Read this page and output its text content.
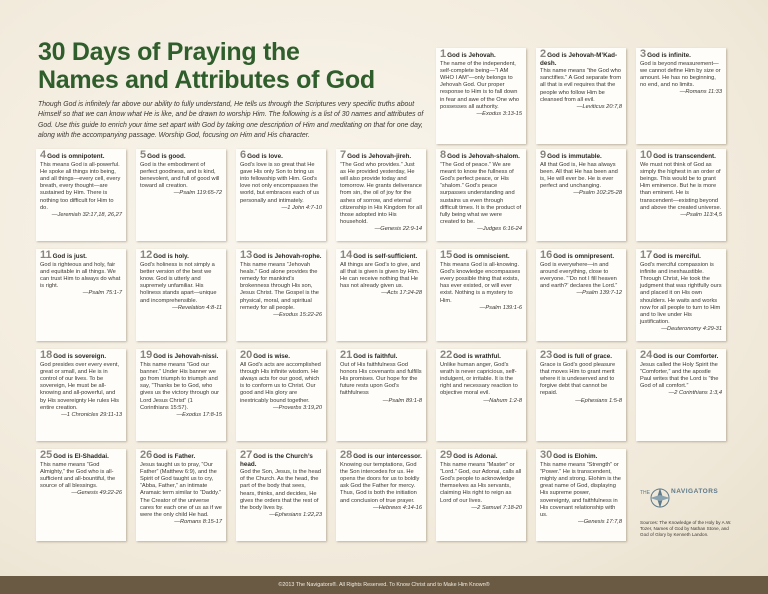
30 Days of Praying the
Names and Attributes of God
Though God is infinitely far above our ability to fully understand, He tells us through the Scriptures very specific truths about Himself so that we can know what He is like, and be drawn to worship Him. The following is a list of 30 names and attributes of God. Use this guide to enrich your time set apart with God by taking one description of Him and meditating on that for one day, along with the accompanying passage. Worship God, focusing on Him and His character.
1God is Jehovah.
The name of the independent, self-complete being—“I AM WHO I AM”—only belongs to Jehovah God. Our proper response to Him is to fall down in fear and awe of the One who possesses all authority.
—Exodus 3:13-15
2God is Jehovah-M’Kad-desh.
This name means “the God who sanctifies.” A God separate from all that is evil requires that the people who follow Him be cleansed from all evil.
—Leviticus 20:7,8
3God is infinite.
God is beyond measurement—we cannot define Him by size or amount. He has no beginning, no end, and no limits.
—Romans 11:33
4God is omnipotent.
This means God is all-powerful. He spoke all things into being, and all things—every cell, every breath, every thought—are sustained by Him. There is nothing too difficult for Him to do.
—Jeremiah 32:17,18, 26,27
5God is good.
God is the embodiment of perfect goodness, and is kind, benevolent, and full of good will toward all creation.
—Psalm 119:65-72
6God is love.
God’s love is so great that He gave His only Son to bring us into fellowship with Him. God’s love not only encompasses the world, but embraces each of us personally and intimately.
—1 John 4:7-10
7God is Jehovah-jireh.
“The God who provides.” Just as He provided yesterday, He will also provide today and tomorrow. He grants deliverance from sin, the oil of joy for the ashes of sorrow, and eternal citizenship in His Kingdom for all those adopted into His household.
—Genesis 22:9-14
8God is Jehovah-shalom.
“The God of peace.” We are meant to know the fullness of God’s perfect peace, or His “shalom.” God’s peace surpasses understanding and sustains us even through difficult times. It is the product of fully being what we were created to be.
—Judges 6:16-24
9God is immutable.
All that God is, He has always been. All that He has been and is, He will ever be. He is ever perfect and unchanging.
—Psalm 102:25-28
10God is transcendent.
We must not think of God as simply the highest in an order of beings. This would be to grant Him eminence. But he is more than eminent. He is transcendent—existing beyond and above the created universe.
—Psalm 113:4,5
11God is just.
God is righteous and holy, fair and equitable in all things. We can trust Him to always do what is right.
—Psalm 75:1-7
12God is holy.
God’s holiness is not simply a better version of the best we know. God is utterly and supremely unfamiliar. His holiness stands apart—unique and incomprehensible.
—Revelation 4:8-11
13God is Jehovah-rophe.
This name means “Jehovah heals.” God alone provides the remedy for mankind’s brokenness through His son, Jesus Christ. The Gospel is the physical, moral, and spiritual remedy for all people.
—Exodus 15:22-26
14God is self-sufficient.
All things are God’s to give, and all that is given is given by Him. He can receive nothing that He has not already given us.
—Acts 17:24-28
15God is omniscient.
This means God is all-knowing. God’s knowledge encompasses every possible thing that exists, has ever existed, or will ever exist. Nothing is a mystery to Him.
—Psalm 139:1-6
16God is omnipresent.
God is everywhere—in and around everything, close to everyone. “‘Do not I fill heaven and earth?’ declares the Lord.”
—Psalm 139:7-12
17God is merciful.
God’s merciful compassion is infinite and inexhaustible. Through Christ, He took the judgment that was rightfully ours and placed it on His own shoulders. He waits and works now for all people to turn to Him and to live under His justification.
—Deuteronomy 4:29-31
18God is sovereign.
God presides over every event, great or small, and He is in control of our lives. To be sovereign, He must be all-knowing and all-powerful, and by His sovereignty He rules His entire creation.
—1 Chronicles 29:11-13
19God is Jehovah-nissi.
This name means “God our banner.” Under His banner we go from triumph to triumph and say, “Thanks be to God, who gives us the victory through our Lord Jesus Christ” (1 Corinthians 15:57).
—Exodus 17:8-15
20God is wise.
All God’s acts are accomplished through His infinite wisdom. He always acts for our good, which is to conform us to Christ. Our good and His glory are inextricably bound together.
—Proverbs 3:19,20
21God is faithful.
Out of His faithfulness God honors His covenants and fulfills His promises. Our hope for the future rests upon God’s faithfulness
—Psalm 89:1-8
22God is wrathful.
Unlike human anger, God’s wrath is never capricious, self-indulgent, or irritable. It is the right and necessary reaction to objective moral evil.
—Nahum 1:2-8
23God is full of grace.
Grace is God’s good pleasure that moves Him to grant merit where it is undeserved and to forgive debt that cannot be repaid.
—Ephesians 1:5-8
24God is our Comforter.
Jesus called the Holy Spirit the “Comforter,” and the apostle Paul writes that the Lord is “the God of all comfort.”
—2 Corinthians 1:3,4
25God is El-Shaddai.
This name means “God Almighty,” the God who is all-sufficient and all-bountiful, the source of all blessings.
—Genesis 49:22-26
26God is Father.
Jesus taught us to pray, “Our Father” (Matthew 6:9), and the Spirit of God taught us to cry, “Abba, Father,” an intimate Aramaic term similar to “Daddy.” The Creator of the universe cares for each one of us as if we were the only child He had.
—Romans 8:15-17
27God is the Church’s head.
God the Son, Jesus, is the head of the Church. As the head, the part of the body that sees, hears, thinks, and decides, He gives the orders that the rest of the body lives by.
—Ephesians 1:22,23
28God is our intercessor.
Knowing our temptations, God the Son intercedes for us. He opens the doors for us to boldly ask God the Father for mercy. Thus, God is both the initiation and conclusion of true prayer.
—Hebrews 4:14-16
29God is Adonai.
This name means “Master” or “Lord.” God, our Adonai, calls all God’s people to acknowledge themselves as His servants, claiming His right to reign as Lord of our lives.
—2 Samuel 7:18-20
30God is Elohim.
This name means “Strength” or “Power.” He is transcendent, mighty and strong. Elohim is the great name of God, displaying His supreme power, sovereignty, and faithfulness in His covenant relationship with us.
—Genesis 17:7,8
THE	NAVIGATORS
Sources: The Knowledge of the Holy by A.W. Tozer, Names of God by Nathan Stone, and God of Glory by Kenneth Landon.
©2013 The Navigators®. All Rights Reserved. To Know Christ and to Make Him Known®
